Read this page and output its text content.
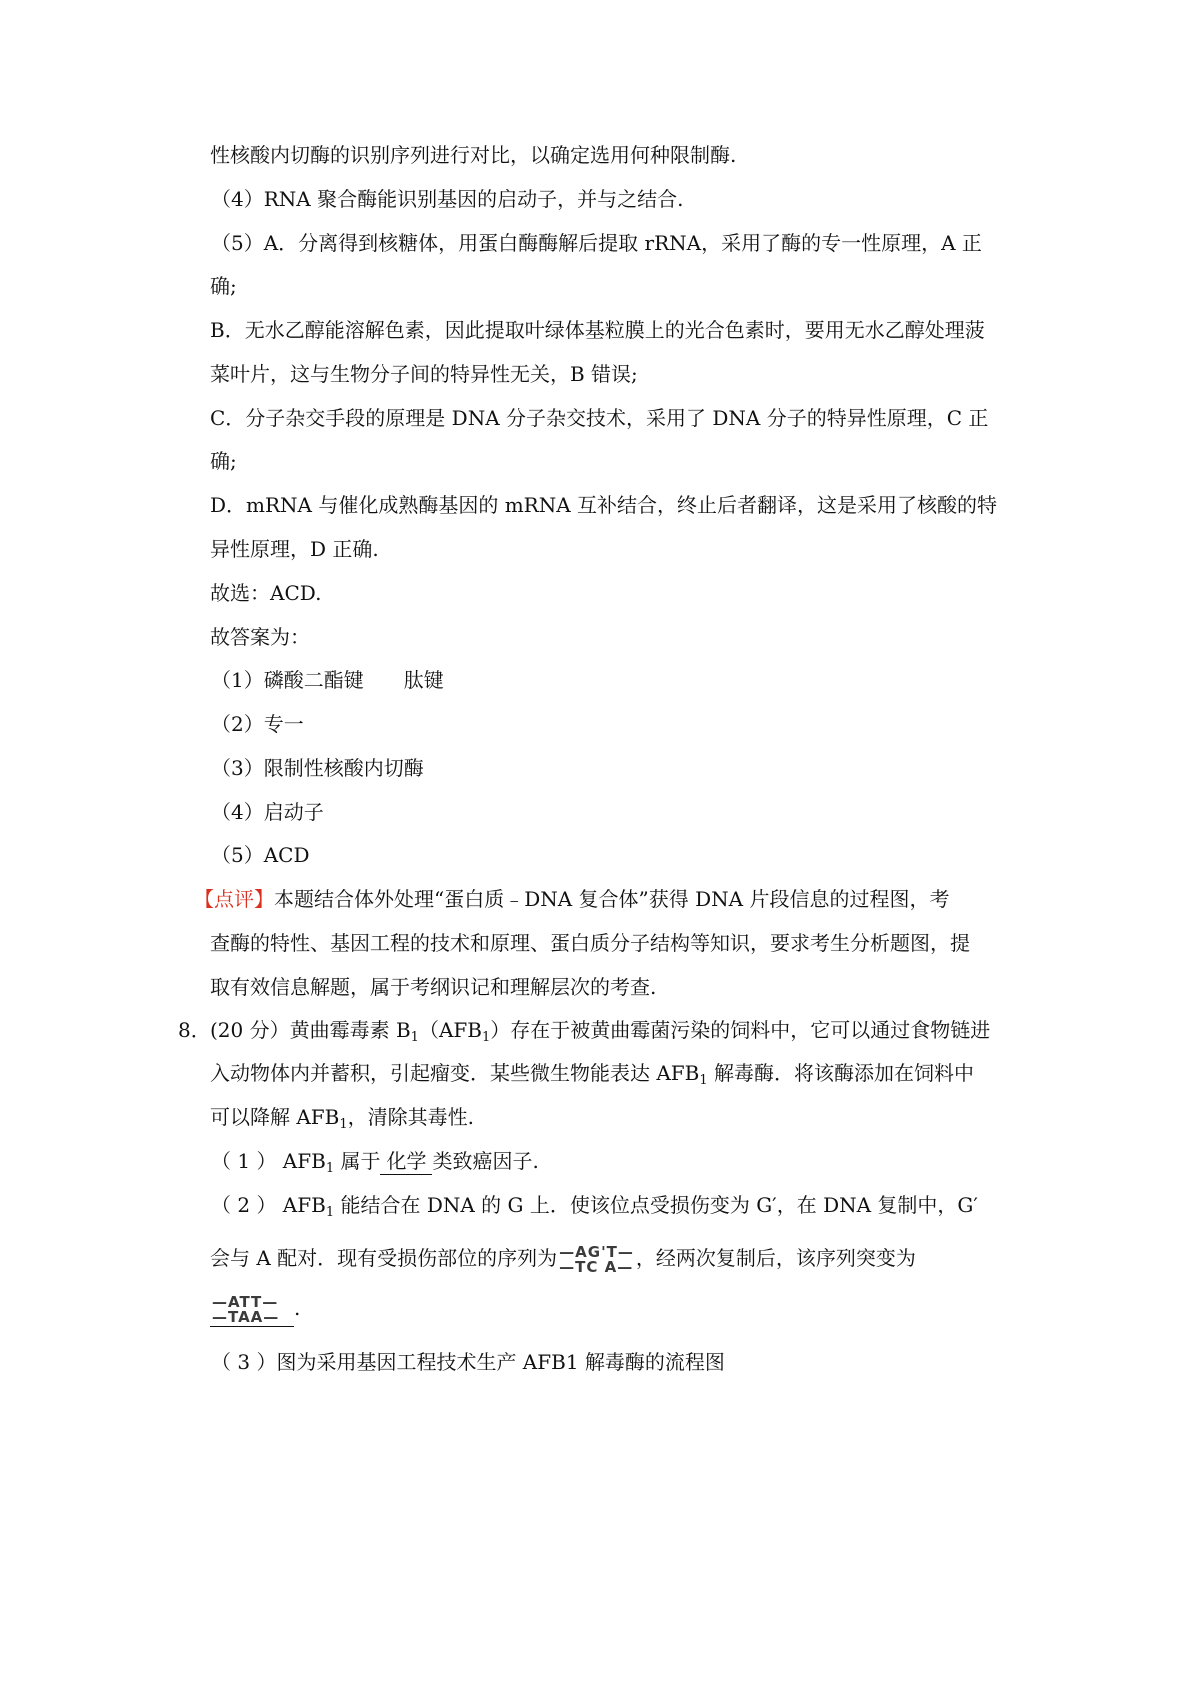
性核酸内切酶的识别序列进行对比，以确定选用何种限制酶.
（4）RNA 聚合酶能识别基因的启动子，并与之结合.
（5）A．分离得到核糖体，用蛋白酶酶解后提取 rRNA，采用了酶的专一性原理，A 正
确;
B．无水乙醇能溶解色素，因此提取叶绿体基粒膜上的光合色素时，要用无水乙醇处理菠
菜叶片，这与生物分子间的特异性无关，B 错误;
C．分子杂交手段的原理是 DNA 分子杂交技术，采用了 DNA 分子的特异性原理，C 正
确;
D．mRNA 与催化成熟酶基因的 mRNA 互补结合，终止后者翻译，这是采用了核酸的特
异性原理，D 正确.
故选：ACD.
故答案为：
（1）磷酸二酯键　　肽键
（2）专一
（3）限制性核酸内切酶
（4）启动子
（5）ACD
【点评】本题结合体外处理“蛋白质﹣DNA 复合体”获得 DNA 片段信息的过程图，考
查酶的特性、基因工程的技术和原理、蛋白质分子结构等知识，要求考生分析题图，提
取有效信息解题，属于考纲识记和理解层次的考查.
8． (20 分）黄曲霉毒素 $B_1(AFB_1)$存在于被黄曲霉菌污染的饲料中，它可以通过食物链进
入动物体内并蓄积，引起瘤变．某些微生物能表达 $AFB_1$ 解毒酶．将该酶添加在饲料中
可以降解 $AFB_1$，清除其毒性.
（ 1 ） $AFB_1$ 属于 化学 类致癌因子.
（ 2 ） $AFB_1$ 能结合在 DNA 的 G 上．使该位点受损伤变为 G′，在 DNA 复制中，G′
会与 A 配对．现有受损伤部位的序列为 —AG'T—
—TC A— ，经两次复制后，该序列突变为
—ATT—
—TAA— .
（ 3 ）图为采用基因工程技术生产 AFB1 解毒酶的流程图
